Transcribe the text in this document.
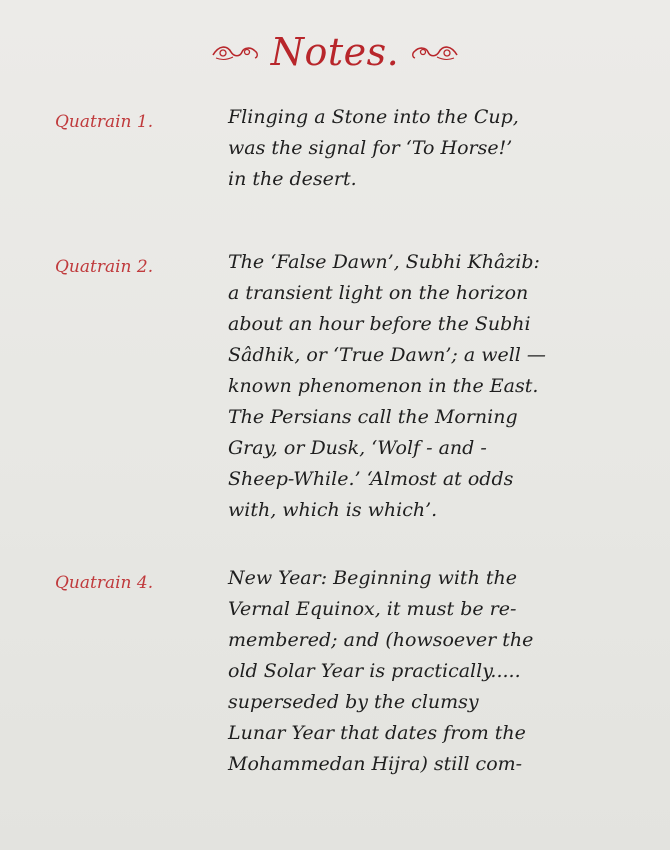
Notes.
Quatrain 1.	Flinging a Stone into the Cup,
was the signal for ‘To Horse!’
in the desert.
Quatrain 2.	The ‘False Dawn’, Subhi Khâzib:
a transient light on the horizon
about an hour before the Subhi
Sâdhik, or ‘True Dawn’; a well —
known phenomenon in the East.
The Persians call the Morning
Gray, or Dusk, ‘Wolf - and -
Sheep-While.’ ‘Almost at odds
with, which is which’.
Quatrain 4.	New Year: Beginning with the
Vernal Equinox, it must be re-
membered; and (howsoever the
old Solar Year is practically.....
superseded by the clumsy
Lunar Year that dates from the
Mohammedan Hijra) still com-
